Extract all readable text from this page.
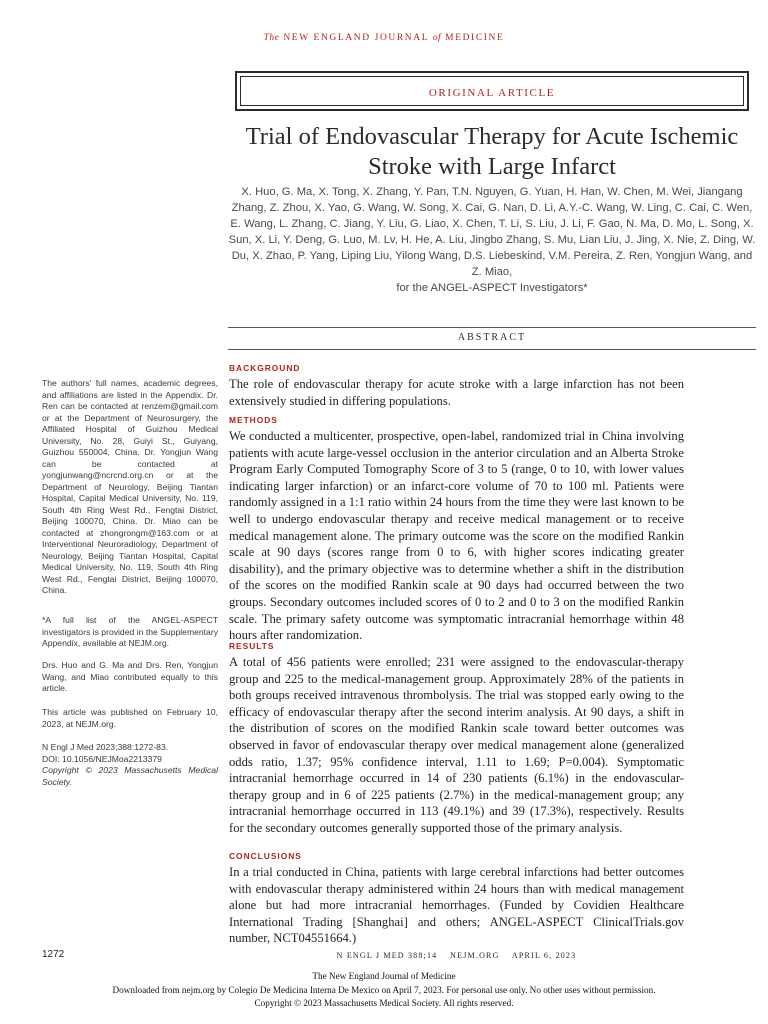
The NEW ENGLAND JOURNAL of MEDICINE
ORIGINAL ARTICLE
Trial of Endovascular Therapy for Acute Ischemic Stroke with Large Infarct
X. Huo, G. Ma, X. Tong, X. Zhang, Y. Pan, T.N. Nguyen, G. Yuan, H. Han, W. Chen, M. Wei, Jiangang Zhang, Z. Zhou, X. Yao, G. Wang, W. Song, X. Cai, G. Nan, D. Li, A.Y.-C. Wang, W. Ling, C. Cai, C. Wen, E. Wang, L. Zhang, C. Jiang, Y. Liu, G. Liao, X. Chen, T. Li, S. Liu, J. Li, F. Gao, N. Ma, D. Mo, L. Song, X. Sun, X. Li, Y. Deng, G. Luo, M. Lv, H. He, A. Liu, Jingbo Zhang, S. Mu, Lian Liu, J. Jing, X. Nie, Z. Ding, W. Du, X. Zhao, P. Yang, Liping Liu, Yilong Wang, D.S. Liebeskind, V.M. Pereira, Z. Ren, Yongjun Wang, and Z. Miao,
for the ANGEL-ASPECT Investigators*
ABSTRACT
BACKGROUND
The role of endovascular therapy for acute stroke with a large infarction has not been extensively studied in differing populations.
METHODS
We conducted a multicenter, prospective, open-label, randomized trial in China involving patients with acute large-vessel occlusion in the anterior circulation and an Alberta Stroke Program Early Computed Tomography Score of 3 to 5 (range, 0 to 10, with lower values indicating larger infarction) or an infarct-core volume of 70 to 100 ml. Patients were randomly assigned in a 1:1 ratio within 24 hours from the time they were last known to be well to undergo endovascular therapy and receive medical management or to receive medical management alone. The primary outcome was the score on the modified Rankin scale at 90 days (scores range from 0 to 6, with higher scores indicating greater disability), and the primary objective was to determine whether a shift in the distribution of the scores on the modified Rankin scale at 90 days had occurred between the two groups. Secondary outcomes included scores of 0 to 2 and 0 to 3 on the modified Rankin scale. The primary safety outcome was symptomatic intracranial hemorrhage within 48 hours after randomization.
RESULTS
A total of 456 patients were enrolled; 231 were assigned to the endovascular-therapy group and 225 to the medical-management group. Approximately 28% of the patients in both groups received intravenous thrombolysis. The trial was stopped early owing to the efficacy of endovascular therapy after the second interim analysis. At 90 days, a shift in the distribution of scores on the modified Rankin scale toward better outcomes was observed in favor of endovascular therapy over medical management alone (generalized odds ratio, 1.37; 95% confidence interval, 1.11 to 1.69; P=0.004). Symptomatic intracranial hemorrhage occurred in 14 of 230 patients (6.1%) in the endovascular-therapy group and in 6 of 225 patients (2.7%) in the medical-management group; any intracranial hemorrhage occurred in 113 (49.1%) and 39 (17.3%), respectively. Results for the secondary outcomes generally supported those of the primary analysis.
CONCLUSIONS
In a trial conducted in China, patients with large cerebral infarctions had better outcomes with endovascular therapy administered within 24 hours than with medical management alone but had more intracranial hemorrhages. (Funded by Covidien Healthcare International Trading [Shanghai] and others; ANGEL-ASPECT ClinicalTrials.gov number, NCT04551664.)

The authors' full names, academic degrees, and affiliations are listed in the Appendix. Dr. Ren can be contacted at renzem@gmail.com or at the Department of Neurosurgery, the Affiliated Hospital of Guizhou Medical University, No. 28, Guiyi St., Guiyang, Guizhou 550004, China. Dr. Yongjun Wang can be contacted at yongjunwang@ncrcnd.org.cn or at the Department of Neurology, Beijing Tiantan Hospital, Capital Medical University, No. 119, South 4th Ring West Rd., Fengtai District, Beijing 100070, China. Dr. Miao can be contacted at zhongrongm@163.com or at Interventional Neuroradiology, Department of Neurology, Beijing Tiantan Hospital, Capital Medical University, No. 119, South 4th Ring West Rd., Fengtai District, Beijing 100070, China.

*A full list of the ANGEL-ASPECT investigators is provided in the Supplementary Appendix, available at NEJM.org.

Drs. Huo and G. Ma and Drs. Ren, Yongjun Wang, and Miao contributed equally to this article.

This article was published on February 10, 2023, at NEJM.org.

N Engl J Med 2023;388:1272-83.

DOI: 10.1056/NEJMoa2213379

Copyright © 2023 Massachusetts Medical Society.

1272	N ENGL J MED 388;14    NEJM.ORG    APRIL 6, 2023
The New England Journal of Medicine
Downloaded from nejm.org by Colegio De Medicina Interna De Mexico on April 7, 2023. For personal use only. No other uses without permission.
Copyright © 2023 Massachusetts Medical Society. All rights reserved.
